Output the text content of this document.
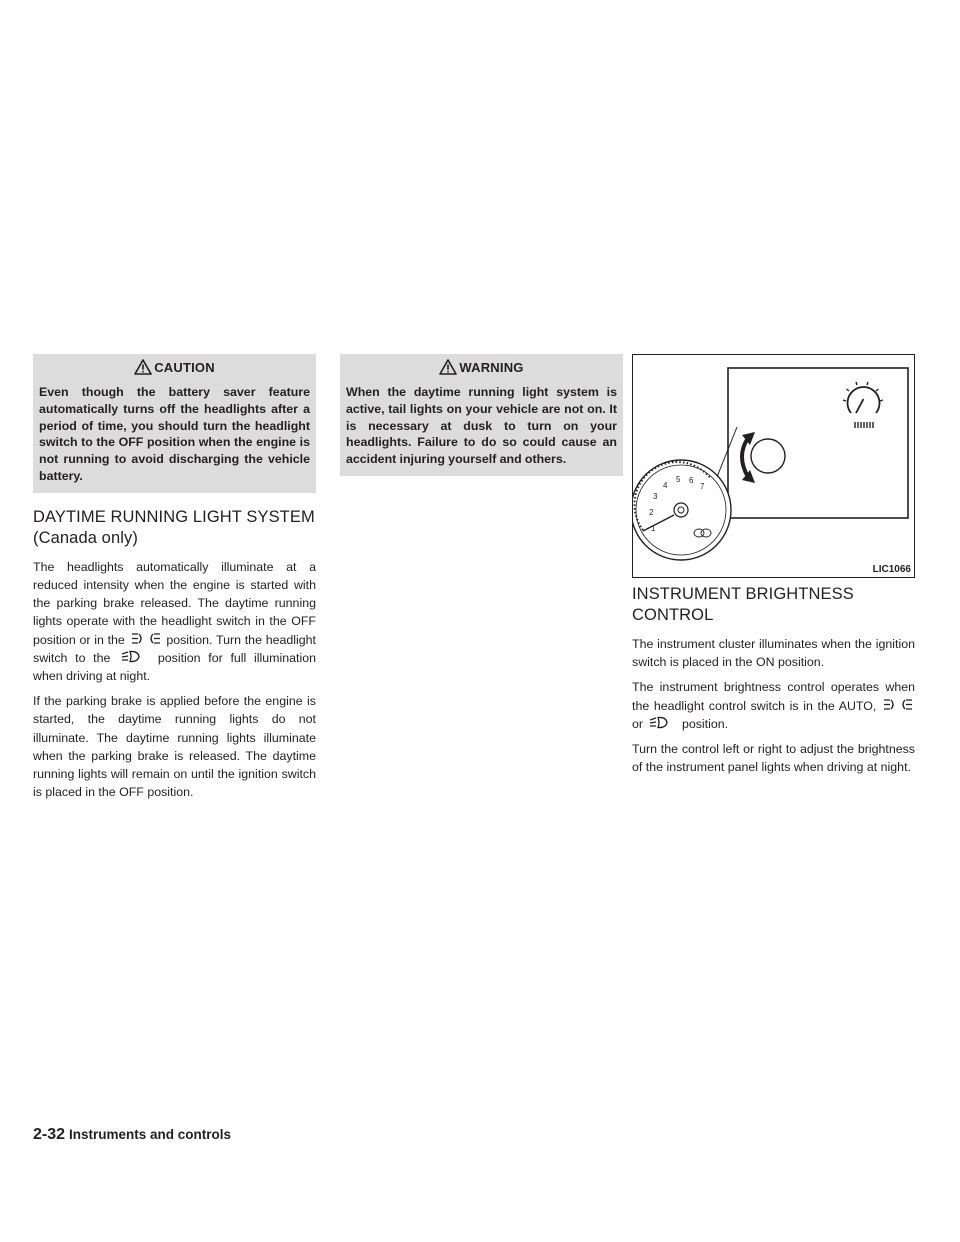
CAUTION
Even though the battery saver feature automatically turns off the headlights after a period of time, you should turn the headlight switch to the OFF position when the engine is not running to avoid discharging the vehicle battery.
DAYTIME RUNNING LIGHT SYSTEM
(Canada only)

The headlights automatically illuminate at a reduced intensity when the engine is started with the parking brake released. The daytime running lights operate with the headlight switch in the OFF position or in the	position. Turn the headlight switch to the	position for full illumination when driving at night.

If the parking brake is applied before the engine is started, the daytime running lights do not illuminate. The daytime running lights illuminate when the parking brake is released. The daytime running lights will remain on until the ignition switch is placed in the OFF position.

WARNING
When the daytime running light system is active, tail lights on your vehicle are not on. It is necessary at dusk to turn on your headlights. Failure to do so could cause an accident injuring yourself and others.
1
2
3
4
5 6
7
LIC1066
INSTRUMENT BRIGHTNESS
CONTROL

The instrument cluster illuminates when the ignition switch is placed in the ON position.

The instrument brightness control operates when the headlight control switch is in the AUTO,  or	position.

Turn the control left or right to adjust the brightness of the instrument panel lights when driving at night.

2-32 Instruments and controls
